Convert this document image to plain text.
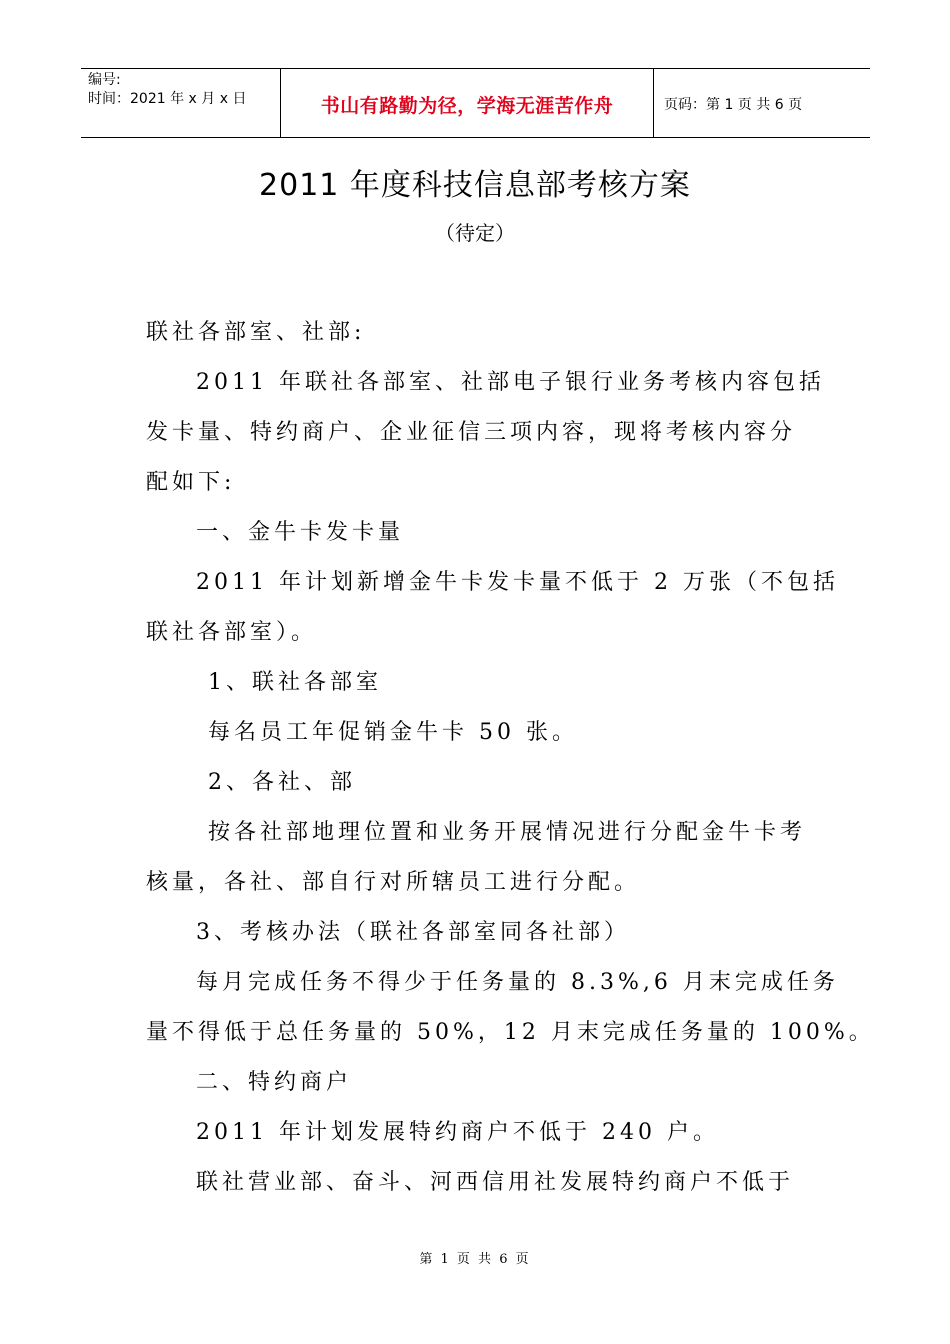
编号:
时间：2021 年 x 月 x 日	书山有路勤为径，学海无涯苦作舟	页码：第 1 页 共 6 页
2011 年度科技信息部考核方案
（待定）
联社各部室、社部:
2011 年联社各部室、社部电子银行业务考核内容包括
发卡量、特约商户、企业征信三项内容，现将考核内容分
配如下:
一、金牛卡发卡量
2011 年计划新增金牛卡发卡量不低于 2 万张（不包括
联社各部室）。
1、联社各部室
每名员工年促销金牛卡 50 张。
2、各社、部
按各社部地理位置和业务开展情况进行分配金牛卡考
核量，各社、部自行对所辖员工进行分配。
3、考核办法（联社各部室同各社部）
每月完成任务不得少于任务量的 8.3%,6 月末完成任务
量不得低于总任务量的 50%，12 月末完成任务量的 100%。
二、特约商户
2011 年计划发展特约商户不低于 240 户。
联社营业部、奋斗、河西信用社发展特约商户不低于
第 1 页 共 6 页
